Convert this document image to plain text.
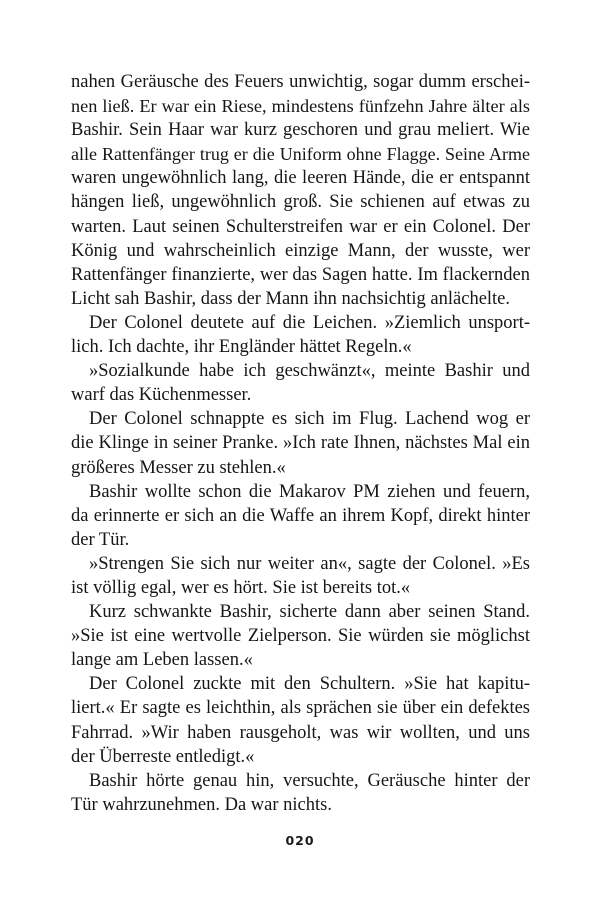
nahen Geräusche des Feuers unwichtig, sogar dumm erschei-
nen ließ. Er war ein Riese, mindestens fünfzehn Jahre älter als
Bashir. Sein Haar war kurz geschoren und grau meliert. Wie
alle Rattenfänger trug er die Uniform ohne Flagge. Seine Arme
waren ungewöhnlich lang, die leeren Hände, die er entspannt
hängen ließ, ungewöhnlich groß. Sie schienen auf etwas zu
warten. Laut seinen Schulterstreifen war er ein Colonel. Der
König und wahrscheinlich einzige Mann, der wusste, wer
Rattenfänger finanzierte, wer das Sagen hatte. Im flackernden
Licht sah Bashir, dass der Mann ihn nachsichtig anlächelte.
Der Colonel deutete auf die Leichen. »Ziemlich unsport-
lich. Ich dachte, ihr Engländer hättet Regeln.«
»Sozialkunde habe ich geschwänzt«, meinte Bashir und
warf das Küchenmesser.
Der Colonel schnappte es sich im Flug. Lachend wog er
die Klinge in seiner Pranke. »Ich rate Ihnen, nächstes Mal ein
größeres Messer zu stehlen.«
Bashir wollte schon die Makarov PM ziehen und feuern,
da erinnerte er sich an die Waffe an ihrem Kopf, direkt hinter
der Tür.
»Strengen Sie sich nur weiter an«, sagte der Colonel. »Es
ist völlig egal, wer es hört. Sie ist bereits tot.«
Kurz schwankte Bashir, sicherte dann aber seinen Stand.
»Sie ist eine wertvolle Zielperson. Sie würden sie möglichst
lange am Leben lassen.«
Der Colonel zuckte mit den Schultern. »Sie hat kapitu-
liert.« Er sagte es leichthin, als sprächen sie über ein defektes
Fahrrad. »Wir haben rausgeholt, was wir wollten, und uns
der Überreste entledigt.«
Bashir hörte genau hin, versuchte, Geräusche hinter der
Tür wahrzunehmen. Da war nichts.
020
